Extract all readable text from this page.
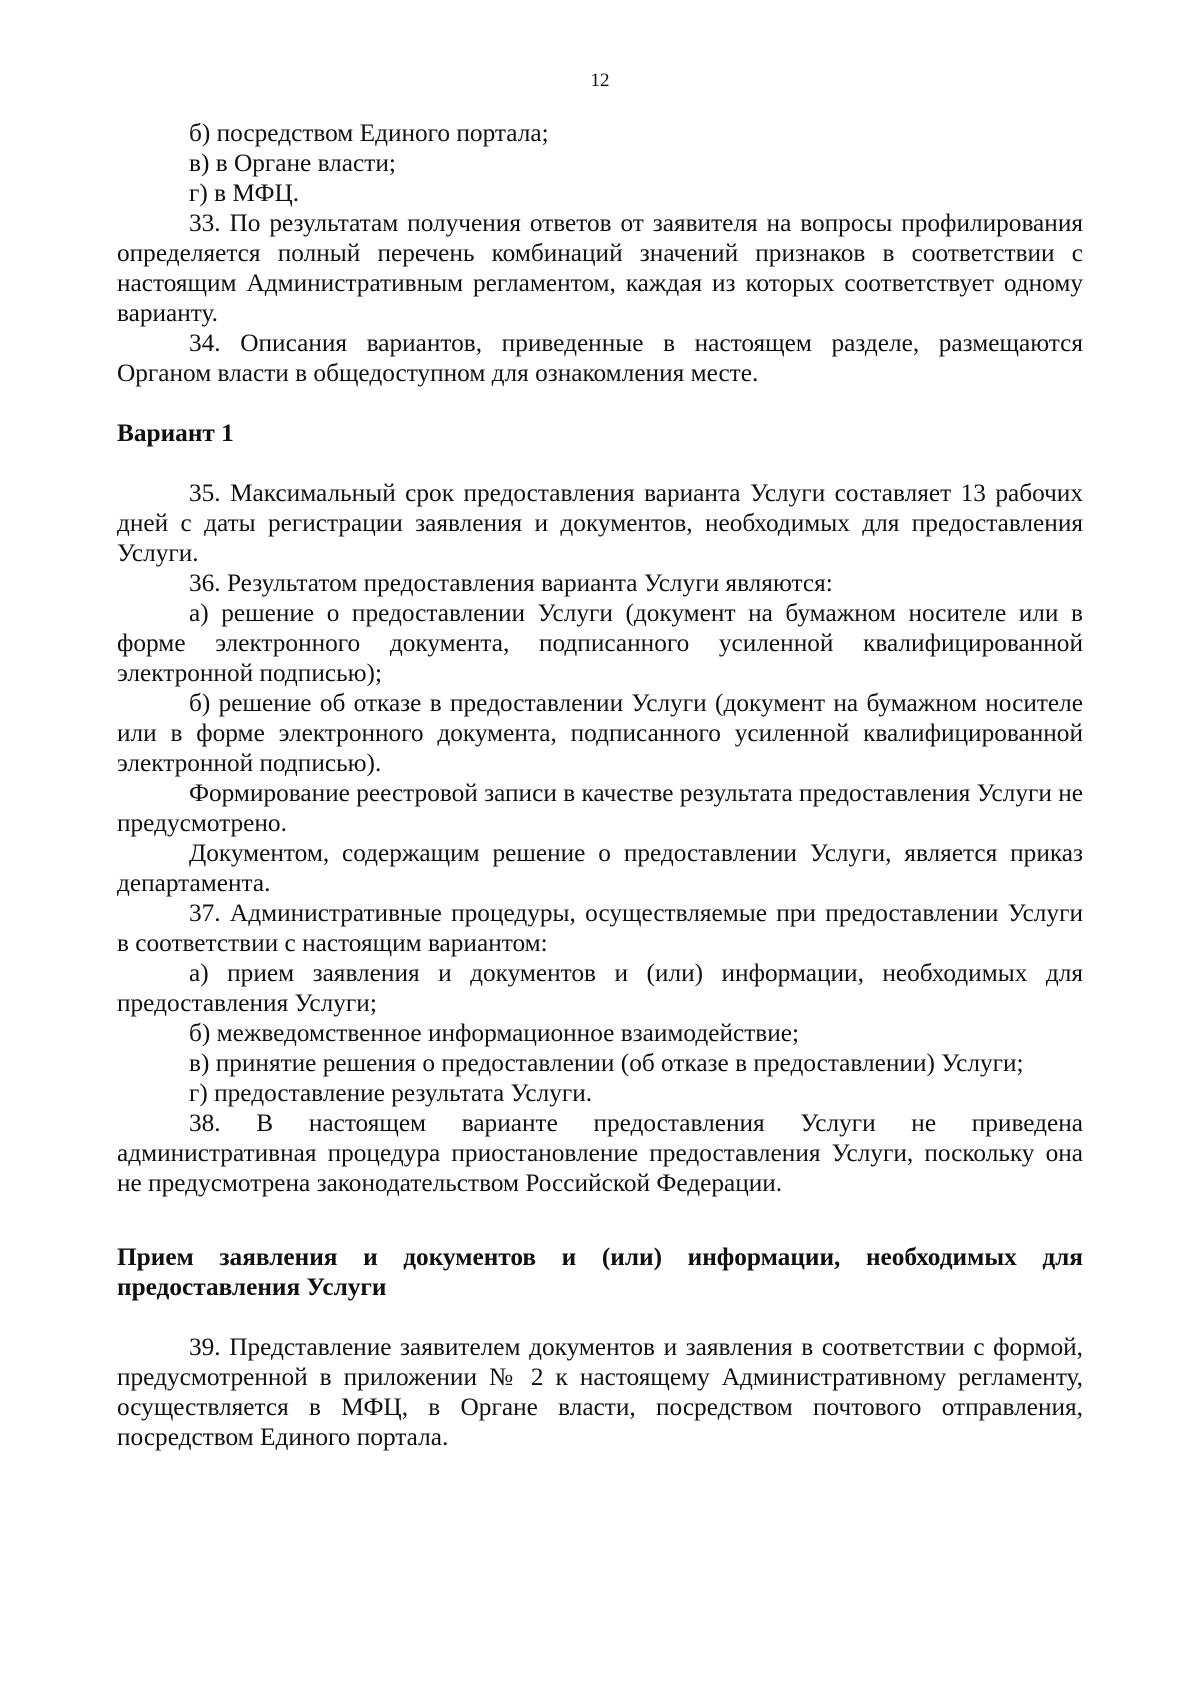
12

б) посредством Единого портала;

в) в Органе власти;

г) в МФЦ.

33. По результатам получения ответов от заявителя на вопросы профилирования определяется полный перечень комбинаций значений признаков в соответствии с настоящим Административным регламентом, каждая из которых соответствует одному варианту.

34. Описания вариантов, приведенные в настоящем разделе, размещаются Органом власти в общедоступном для ознакомления месте.

Вариант 1

35. Максимальный срок предоставления варианта Услуги составляет 13 рабочих дней с даты регистрации заявления и документов, необходимых для предоставления Услуги.

36. Результатом предоставления варианта Услуги являются:

а) решение о предоставлении Услуги (документ на бумажном носителе или в форме электронного документа, подписанного усиленной квалифицированной электронной подписью);

б) решение об отказе в предоставлении Услуги (документ на бумажном носителе или в форме электронного документа, подписанного усиленной квалифицированной электронной подписью).

Формирование реестровой записи в качестве результата предоставления Услуги не предусмотрено.

Документом, содержащим решение о предоставлении Услуги, является приказ департамента.

37. Административные процедуры, осуществляемые при предоставлении Услуги в соответствии с настоящим вариантом:

а) прием заявления и документов и (или) информации, необходимых для предоставления Услуги;

б) межведомственное информационное взаимодействие;

в) принятие решения о предоставлении (об отказе в предоставлении) Услуги;

г) предоставление результата Услуги.

38. В настоящем варианте предоставления Услуги не приведена административная процедура приостановление предоставления Услуги, поскольку она не предусмотрена законодательством Российской Федерации.

Прием заявления и документов и (или) информации, необходимых для предоставления Услуги

39. Представление заявителем документов и заявления в соответствии с формой, предусмотренной в приложении № 2 к настоящему Административному регламенту, осуществляется в МФЦ, в Органе власти, посредством почтового отправления, посредством Единого портала.
